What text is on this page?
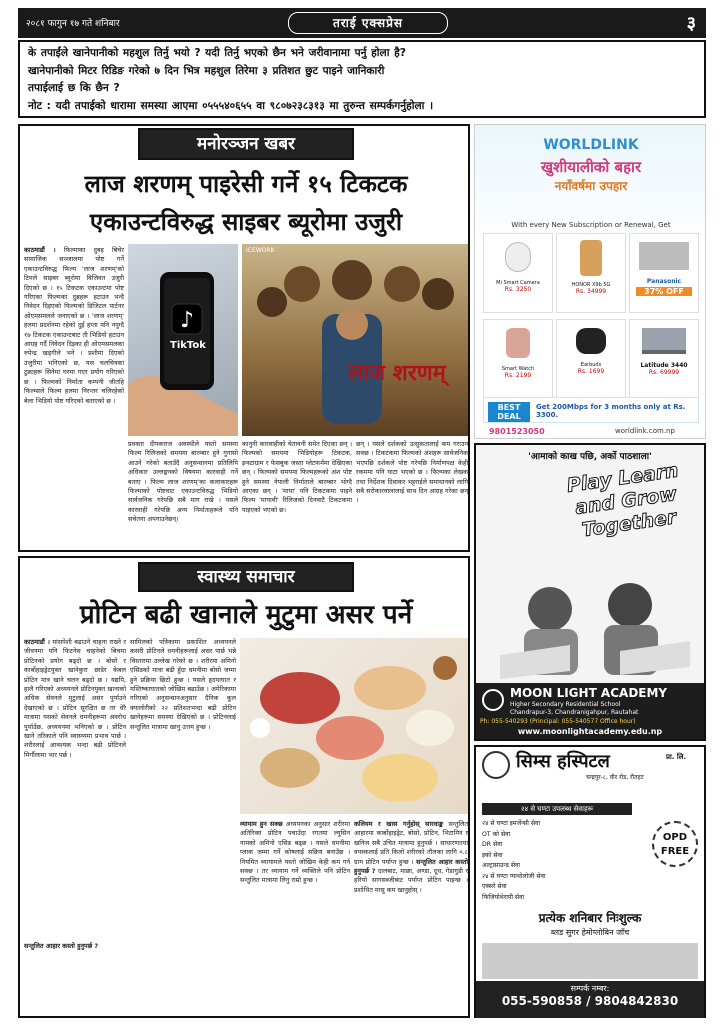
२०८१ फागुन १७ गते शनिबार	तराई एक्सप्रेस	३
के तपाईंले खानेपानीको महशुल तिर्नु भयो ? यदी तिर्नु भएको छैन भने जरीवानामा पर्नु होला है?
खानेपानीको मिटर रिडिङ गरेको ७ दिन भित्र महशुल तिरेमा ३ प्रतिशत छुट पाइने जानिकारी
तपाईलाई छ कि छैन ?
नोट : यदी तपाईको धारामा समस्या आएमा ०५५५४०६५५ वा ९८०७२३८३१३ मा तुरुन्त सम्पर्कगर्नुहोला ।
मनोरञ्जन खबर
लाज शरणम् पाइरेसी गर्ने १५ टिकटक
एकाउन्टविरुद्ध साइबर ब्यूरोमा उजुरी
काठमाडौं । फिल्माका दुबइ बिचेर सामाजिक सञ्जालमा पोष्ट गर्ने एकाउन्टविरुद्ध फिल्म 'लाज शरणम्'को टिमले साइबर ब्यूरोमा विजिवत उजुरी दिएको छ । १५ टिकटक एकाउन्टमा पोष्ट गरिएका फिल्मका दुब्रहरू हटाउन भन्दै निवेदन दिइएको फिल्मको डिजिटल पार्टनर ओएमसमलले जनाएको छ । 'लाज शरणम्' हलमा प्रदर्शनमा रहेको दुई हप्ता पनि नपुग्दै १७ टिकटक एकाउन्टबाट ती भिडियो हटाउन आग्रह गर्दै निवेदन दिइका ही ओएमसमलका रुपेन्द्र खड्गीले भने । प्रशीमा दिएको उजुरीमा भनिएको छ, यस चलचित्रका टुक्राहरू सिनेमा घरमा गएर प्रयोग गरिएको छ । फिल्मको निर्माता कम्पनी जीतहि फिल्म्सले फिल्म हलमा निरन्तर चलिरहेको बेला भिडियो पोष्ट गरिएको बताएको छ ।
♪
TikTok
ICEWORK
लाज शरणम्
प्रवक्ता दीपकराज अवस्थीले यस्तो समस्या फिल्म रिलिजको समयमा बारम्बार हुने गुनासो आउने गरेको बताउँदै अनुसन्धानमा प्रतिलिपि अधिकार उल्लङ्घनको विषयमा कारवाही गर्ने बताए । फिल्म लाज शरणम्'का कलाकारहरू फिल्माको पोष्टवाट एकाउन्टविरुद्ध भिडियो सार्वजनिक गरेपछि सबै माग राखे । यसले कारवाही गरेपछि अन्य निर्माताहरूले पनि सचेतना अपनाउनेछन्।
कानुनी कारवाहीको चेतावनी समेत दिएका छन् । फिल्मको समयमा भिडियोहरू टिकटक, इन्स्टाग्राम र फेसबुक जस्ता प्लेटफर्ममा देखिएका छन् । फिल्मको समयमा फिल्महरूको अंश पोष्ट हुने समस्या नेपाली निर्माताले बारम्बार भोग्दै आएका छन् । 'माया' पनि टिकटकमा पाइने फिल्म 'मायावी' रिलिजको दिनवाटै टिकटकमा पाइएको भएको छ।
छन् । यसले दर्शकको उत्सुकतालाई कम गराउन सक्छ । टिकटकमा फिल्मको अंशहरू सार्वजनिक भएपछि दर्शकले पोष्ट गरेपछि निर्माणपक्ष केही रकममा पनि घाटा भएको छ । फिल्मका लेखक तथा निर्देशक दिवाकर भट्टराईले समाधानको लागि सबै सरोकारवालालाई साथ दिन आग्रह गरेका छन् ।
स्वास्थ्य समाचार
प्रोटिन बढी खानाले मुटुमा असर पर्ने
काठमाडौं । मांसपेशी बढाउने चाहना राख्ने र जीवनमा पनि फिटनेस चाहनेको बिचमा प्रोटिनको प्रयोग बढ्दो छ । बोसो र कार्बोहाइड्रेटयुक्त खानेकुरा छाडेर केबल प्रोटिन मात्र खाने चलन बढ्दो छ । यद्यपि, हालै गरिएको अध्ययनले प्रोटिनयुक्त खानाको अधिक सेवनले मुटुलाई असर पुर्याउने देखाएको छ । प्रोटिन सुरक्षित छ तर धेरै मात्रामा यसको सेवनले धमनीहरूमा अवरोध पुर्याउँछ, अध्ययनमा भनिएको छ । प्रोटिन खाने तरिकाले पनि स्वास्थ्यमा प्रभाव पार्छ । शरीरलाई आवश्यक भन्दा बढी प्रोटिनले मिर्गौलामा भार पर्छ ।
सन्तुलित आहार कस्तो हुनुपर्छ ?
सामिलको पत्रिकामा प्रकाशित अध्ययनले कसरी प्रोटिनले धमनीहरूलाई असर पार्छ भन्ने विस्तारमा उल्लेख गरेको छ । शरीरमा अमिनो एसिडको मात्रा बढी हुँदा धमनीमा बोसो जम्मा हुने प्रक्रिया छिटो हुन्छ । यसले हृदयाघात र मस्तिष्काघातको जोखिम बढाउँछ । अमेरिकामा गरिएको अनुसन्धानअनुसार दैनिक कूल क्यालोरीको २२ प्रतिशतभन्दा बढी प्रोटिन खानेहरूमा समस्या देखिएको छ । प्रोटिनलाई सन्तुलित मात्रामा खानु उत्तम हुन्छ ।
व्यायाम हुन सक्छ अध्ययनका अनुसार शरीरमा अतिरिक्त प्रोटिन पचाउँदा रगतमा ल्युसिन नामको अमिनो एसिड बढ्छ । यसले धमनीमा प्लाक जम्मा गर्ने कोषलाई सक्रिय बनाउँछ । नियमित व्यायामले यस्तो जोखिम केही कम गर्न सक्छ । तर व्यायाम गर्ने व्यक्तिले पनि प्रोटिन सन्तुलित मात्रामा लिनु राम्रो हुन्छ ।
कलियम र खास गर्नुहोस् सारवाङ्क सन्तुलित आहारमा कार्बोहाइड्रेट, बोसो, प्रोटिन, भिटामिन र खनिज सबै उचित मात्रामा हुनुपर्छ । साधारणतया वयस्कलाई प्रति किलो शरीरको तौलका लागि ०.८ ग्राम प्रोटिन पर्याप्त हुन्छ । सन्तुलित आहार कस्तो हुनुपर्छ ? दालबाट, माछा, अण्डा, दूध, गेडागुडी र हरियो सागसब्जीबाट पर्याप्त प्रोटिन पाइन्छ । प्रशोधित मासु कम खानुहोस् ।
WORLDLINK
खुशीयालीको बहार
नयाँवर्षमा उपहार
With every New Subscription or Renewal, Get
Mi Smart Camera
Rs. 3250
HONOR X9b 5G
Rs. 34999
Panasonic
37% OFF
Smart Watch
Rs. 2199
Earbuds
Rs. 1699
Latitude 3440
Rs. 69999
BEST DEAL
Get 200Mbps for 3 months only at Rs. 3300.
9801523050	worldlink.com.np
'आमाको काख पछि, अर्को पाठशाला'
Play Learn and Grow Together
MOON LIGHT ACADEMY
Higher Secondary Residential School
Chandrapur-3, Chandranigahpur, Rautahat
Ph: 055-540293 (Principal: 055-540577 Office hour)
www.moonlightacademy.edu.np
सिम्स हस्पिटल	प्रा. लि.
चन्द्रपुर-८, वीर रोड, रौतहट
२४ से घण्टा उपलब्ध सेवाहरू
२४ से घण्टा इमर्जेन्सी सेवा
OT को सेवा
DR सेवा
इको सेवा
अल्ट्रासाउन्ड सेवा
२४ से घण्टा प्याथोलोजी सेवा
एक्सरे सेवा
फिजियोथेरापी सेवा
OPD FREE
प्रत्येक शनिबार निःशुल्क
ब्लड सुगर हेमोग्लोबिन जाँच
सम्पर्क नम्बर:
055-590858 / 9804842830
